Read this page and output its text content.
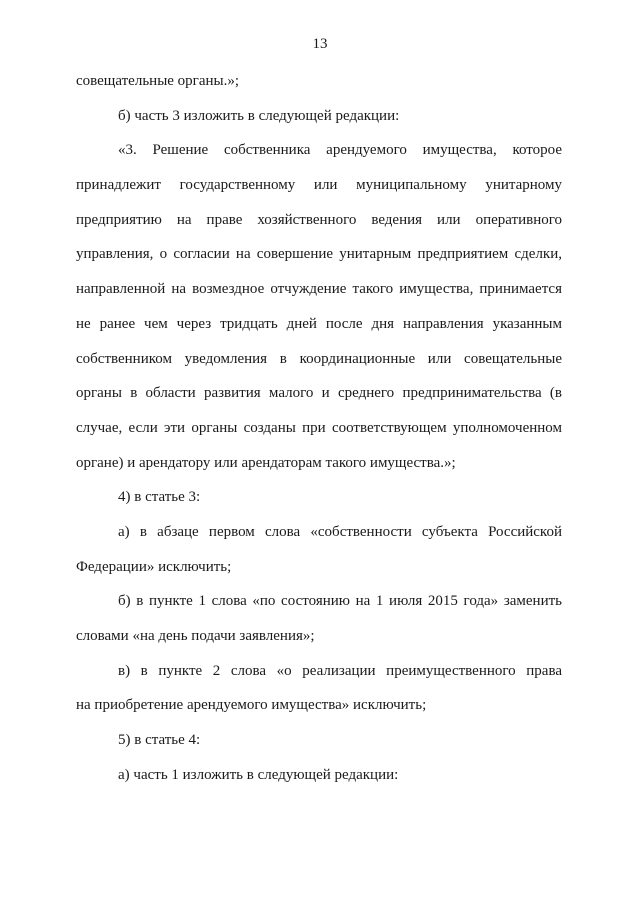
13
совещательные органы.»;
б) часть 3 изложить в следующей редакции:
«3. Решение собственника арендуемого имущества, которое
принадлежит государственному или муниципальному унитарному
предприятию на праве хозяйственного ведения или оперативного
управления, о согласии на совершение унитарным предприятием сделки,
направленной на возмездное отчуждение такого имущества, принимается
не ранее чем через тридцать дней после дня направления указанным
собственником уведомления в координационные или совещательные
органы в области развития малого и среднего предпринимательства (в
случае, если эти органы созданы при соответствующем уполномоченном
органе) и арендатору или арендаторам такого имущества.»;
4) в статье 3:
а) в абзаце первом слова «собственности субъекта Российской
Федерации» исключить;
б) в пункте 1 слова «по состоянию на 1 июля 2015 года» заменить
словами «на день подачи заявления»;
в) в пункте 2 слова «о реализации преимущественного права
на приобретение арендуемого имущества» исключить;
5) в статье 4:
а) часть 1 изложить в следующей редакции:
